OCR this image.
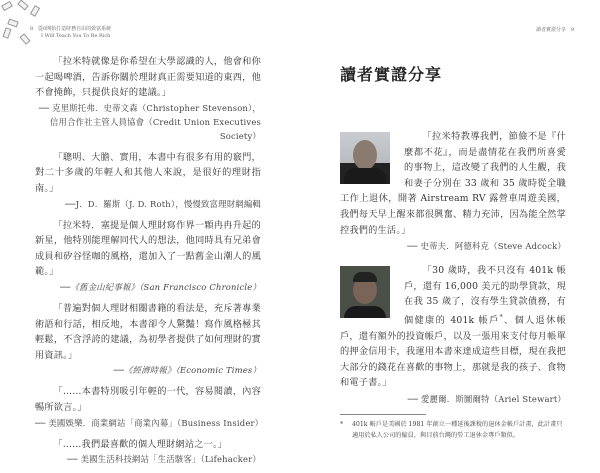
8 從0開始打造財務自由的致富系統
I Will Teach You To Be Rich

「拉米特就像是你希望在大學認識的人，他會和你一起喝啤酒，告訴你關於理財真正需要知道的東西，他不會掩飾，只提供良好的建議。」

── 克里斯托弗．史蒂文森（Christopher Stevenson），

信用合作社主管人員協會（Credit Union Executives Society）

「聰明、大膽、實用，本書中有很多有用的竅門，對二十多歲的年輕人和其他人來說，是很好的理財指南。」

──J．D．羅斯（J. D. Roth），慢慢致富理財網編輯

「拉米特．塞提是個人理財寫作界一顆冉冉升起的新星，他特別能理解同代人的想法，他同時具有兄弟會成員和矽谷怪咖的風格，還加入了一點舊金山潮人的風範。」

──《舊金山紀事報》（San Francisco Chronicle）

「普遍對個人理財相關書籍的看法是，充斥著專業術語和行話，相反地，本書卻令人驚豔！寫作風格極其輕鬆，不含浮誇的建議，為初學者提供了如何理財的實用資訊。」

──《經濟時報》（Economic Times）

「……本書特別吸引年輕的一代，容易閱讀，內容暢所欲言。」

── 美國娛樂．商業網站「商業內幕」（Business Insider）

「……我們最喜歡的個人理財網站之一。」

── 美國生活科技網站「生活駭客」（Lifehacker）

讀者實證分享 9
讀者實證分享

「拉米特教導我們，節儉不是『什麼都不花』，而是盡情花在我們所喜愛的事物上，這改變了我們的人生觀，我和妻子分別在 33 歲和 35 歲時從全職工作上退休，開著 Airstream RV 露營車周遊美國，我們每天早上醒來都很興奮、精力充沛，因為能全然掌控我們的生活。」

── 史蒂夫．阿德科克（Steve Adcock）

「30 歲時，我不只沒有 401k 帳戶，還有 16,000 美元的助學貸款，現在我 35 歲了，沒有學生貸款債務，有個健康的 401k 帳戶*、個人退休帳戶，還有額外的投資帳戶，以及一張用來支付每月帳單的押金信用卡，我運用本書來達成這些目標，現在我把大部分的錢花在喜歡的事物上，那就是我的孩子、食物和電子書。」

── 愛麗爾．斯圖爾特（Ariel Stewart）

* 401k 帳戶是美國於 1981 年創立一種延後課稅的退休金帳戶計畫，此計畫只適用於私人公司的僱員，與目前台灣的勞工退休金專戶類似。
